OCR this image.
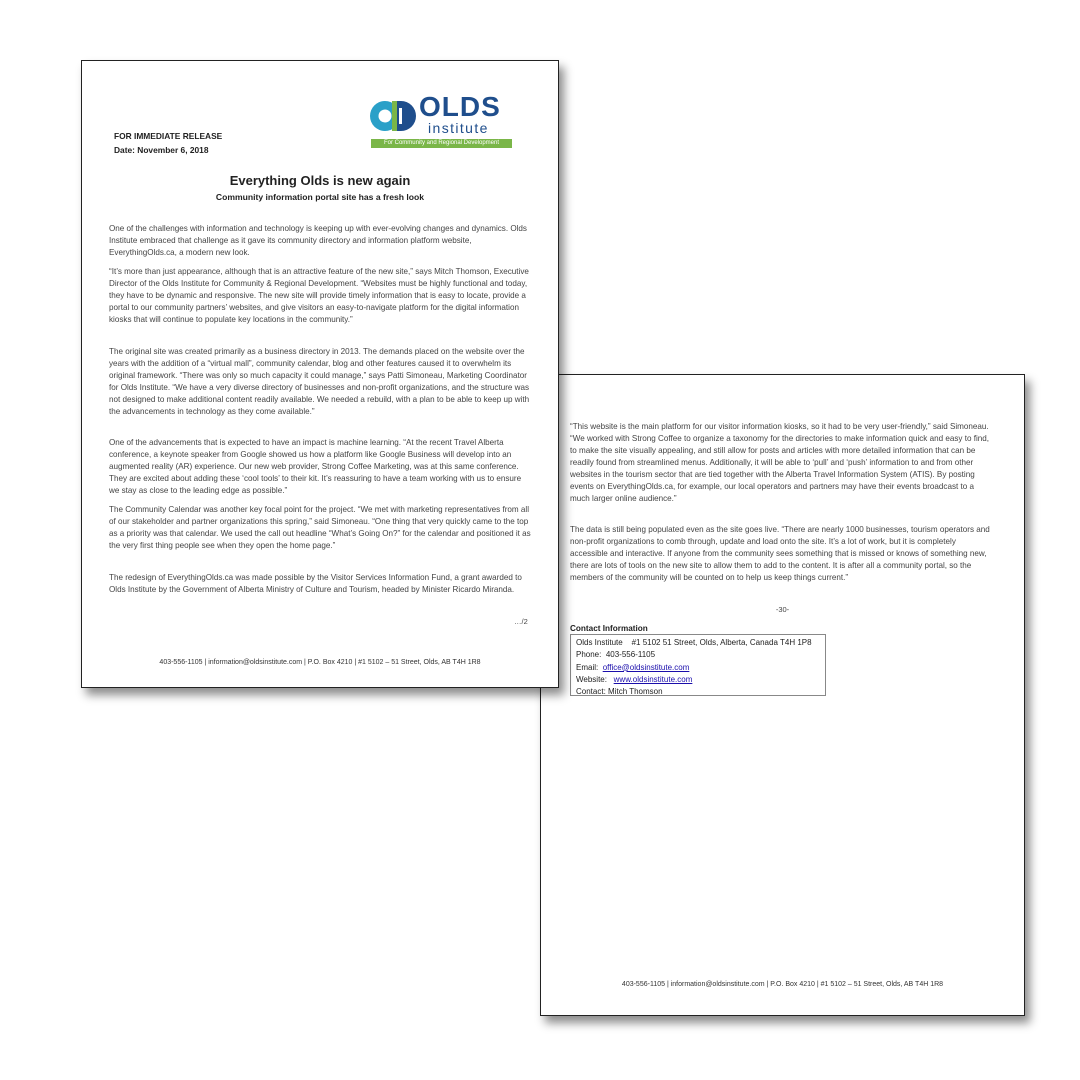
“This website is the main platform for our visitor information kiosks, so it had to be very user-friendly,” said Simoneau. “We worked with Strong Coffee to organize a taxonomy for the directories to make information quick and easy to find, to make the site visually appealing, and still allow for posts and articles with more detailed information that can be readily found from streamlined menus. Additionally, it will be able to ‘pull’ and ‘push’ information to and from other websites in the tourism sector that are tied together with the Alberta Travel Information System (ATIS). By posting events on EverythingOlds.ca, for example, our local operators and partners may have their events broadcast to a much larger online audience.”

The data is still being populated even as the site goes live. “There are nearly 1000 businesses, tourism operators and non-profit organizations to comb through, update and load onto the site. It’s a lot of work, but it is completely accessible and interactive. If anyone from the community sees something that is missed or knows of something new, there are lots of tools on the new site to allow them to add to the content. It is after all a community portal, so the members of the community will be counted on to help us keep things current.”

-30-
Contact Information
Olds Institute #1 5102 51 Street, Olds, Alberta, Canada T4H 1P8
Phone: 403-556-1105
Email: office@oldsinstitute.com
Website: www.oldsinstitute.com
Contact: Mitch Thomson
403-556-1105 | information@oldsinstitute.com | P.O. Box 4210 | #1 5102 – 51 Street, Olds, AB T4H 1R8
OLDS
institute
For Community and Regional Development
FOR IMMEDIATE RELEASE
Date: November 6, 2018
Everything Olds is new again
Community information portal site has a fresh look

One of the challenges with information and technology is keeping up with ever-evolving changes and dynamics. Olds Institute embraced that challenge as it gave its community directory and information platform website, EverythingOlds.ca, a modern new look.

“It’s more than just appearance, although that is an attractive feature of the new site,” says Mitch Thomson, Executive Director of the Olds Institute for Community & Regional Development. “Websites must be highly functional and today, they have to be dynamic and responsive. The new site will provide timely information that is easy to locate, provide a portal to our community partners’ websites, and give visitors an easy-to-navigate platform for the digital information kiosks that will continue to populate key locations in the community.”

The original site was created primarily as a business directory in 2013. The demands placed on the website over the years with the addition of a “virtual mall”, community calendar, blog and other features caused it to overwhelm its original framework. “There was only so much capacity it could manage,” says Patti Simoneau, Marketing Coordinator for Olds Institute. “We have a very diverse directory of businesses and non-profit organizations, and the structure was not designed to make additional content readily available. We needed a rebuild, with a plan to be able to keep up with the advancements in technology as they come available.”

One of the advancements that is expected to have an impact is machine learning. “At the recent Travel Alberta conference, a keynote speaker from Google showed us how a platform like Google Business will develop into an augmented reality (AR) experience. Our new web provider, Strong Coffee Marketing, was at this same conference. They are excited about adding these ‘cool tools’ to their kit. It’s reassuring to have a team working with us to ensure we stay as close to the leading edge as possible.”

The Community Calendar was another key focal point for the project. “We met with marketing representatives from all of our stakeholder and partner organizations this spring,” said Simoneau. “One thing that very quickly came to the top as a priority was that calendar. We used the call out headline “What’s Going On?” for the calendar and positioned it as the very first thing people see when they open the home page.”

The redesign of EverythingOlds.ca was made possible by the Visitor Services Information Fund, a grant awarded to Olds Institute by the Government of Alberta Ministry of Culture and Tourism, headed by Minister Ricardo Miranda.

…/2
403-556-1105 | information@oldsinstitute.com | P.O. Box 4210 | #1 5102 – 51 Street, Olds, AB T4H 1R8
